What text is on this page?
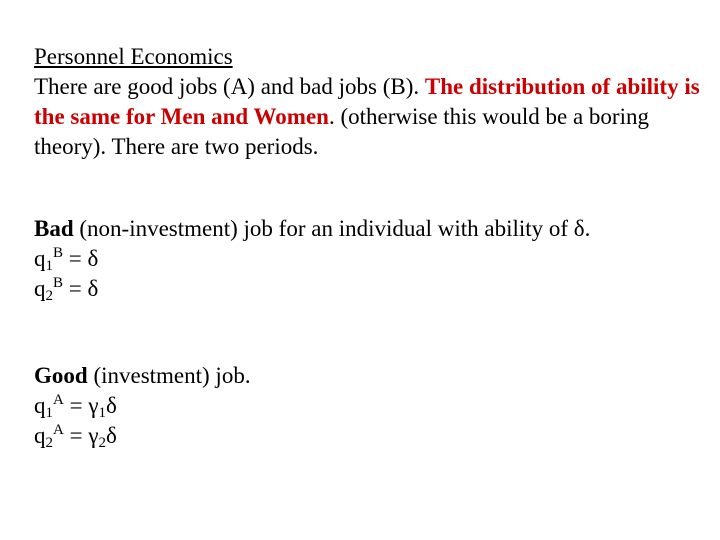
Personnel Economics
There are good jobs (A) and bad jobs (B). The distribution of ability is the same for Men and Women. (otherwise this would be a boring theory). There are two periods.
Bad (non-investment) job for an individual with ability of δ.
$q_1^B = \delta$
$q_2^B = \delta$
Good (investment) job.
$q_1^A = \gamma_1\delta$
$q_2^A = \gamma_2\delta$
